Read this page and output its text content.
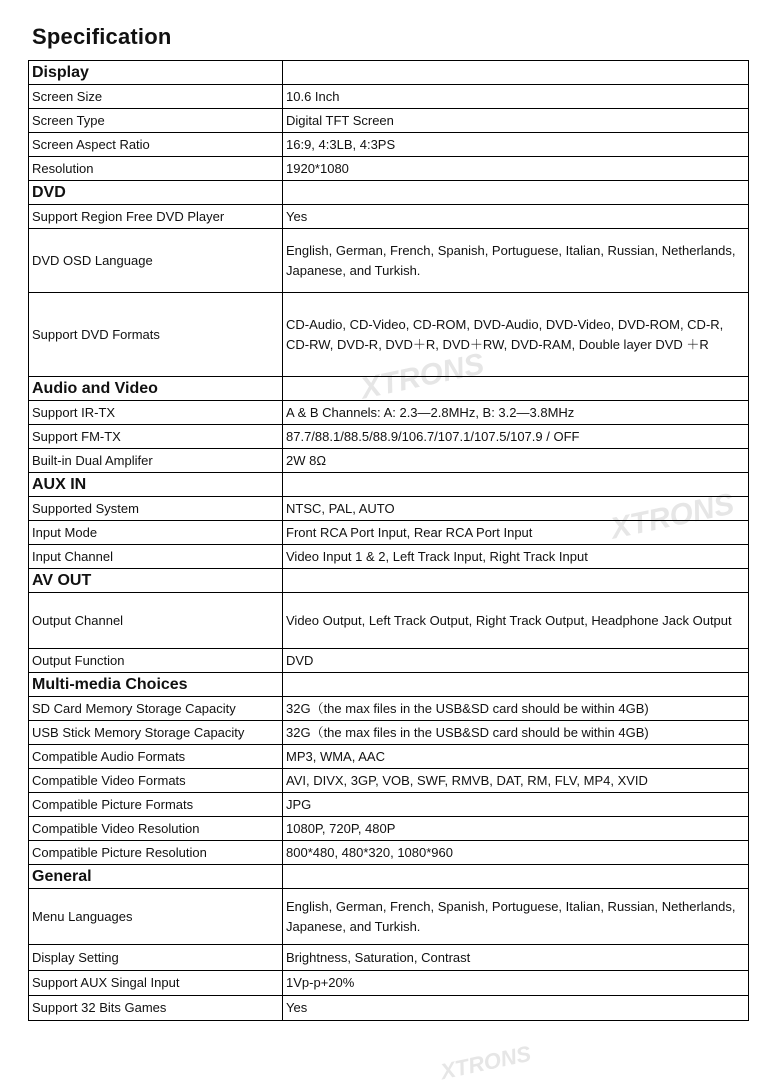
Specification
XTRONS
XTRONS
XTRONS
Display	
Screen Size	10.6 Inch
Screen Type	Digital TFT Screen
Screen Aspect Ratio	16:9, 4:3LB, 4:3PS
Resolution	1920*1080
DVD	
Support Region Free DVD Player	Yes
DVD OSD Language	English, German, French, Spanish, Portuguese, Italian, Russian, Netherlands, Japanese, and Turkish.
Support DVD Formats	CD-Audio, CD-Video, CD-ROM, DVD-Audio, DVD-Video, DVD-ROM, CD-R, CD-RW, DVD-R, DVD＋R, DVD＋RW, DVD-RAM, Double layer DVD ＋R
Audio and Video	
Support IR-TX	A & B Channels: A: 2.3—2.8MHz, B: 3.2—3.8MHz
Support FM-TX	87.7/88.1/88.5/88.9/106.7/107.1/107.5/107.9 / OFF
Built-in Dual Amplifer	2W 8Ω
AUX IN	
Supported System	NTSC, PAL, AUTO
Input Mode	Front RCA Port Input, Rear RCA Port Input
Input Channel	Video Input 1 & 2, Left Track Input, Right Track Input
AV OUT	
Output Channel	Video Output, Left Track Output, Right Track Output, Headphone Jack Output
Output Function	DVD
Multi-media Choices	
SD Card Memory Storage Capacity	32G（the max files in the USB&SD card should be within 4GB)
USB Stick Memory Storage Capacity	32G（the max files in the USB&SD card should be within 4GB)
Compatible Audio Formats	MP3, WMA, AAC
Compatible Video Formats	AVI, DIVX, 3GP, VOB, SWF, RMVB, DAT, RM, FLV, MP4, XVID
Compatible Picture Formats	JPG
Compatible Video Resolution	1080P, 720P, 480P
Compatible Picture Resolution	800*480, 480*320, 1080*960
General	
Menu Languages	English, German, French, Spanish, Portuguese, Italian, Russian, Netherlands, Japanese, and Turkish.
Display Setting	Brightness, Saturation, Contrast
Support AUX Singal Input	1Vp-p+20%
Support 32 Bits Games	Yes
